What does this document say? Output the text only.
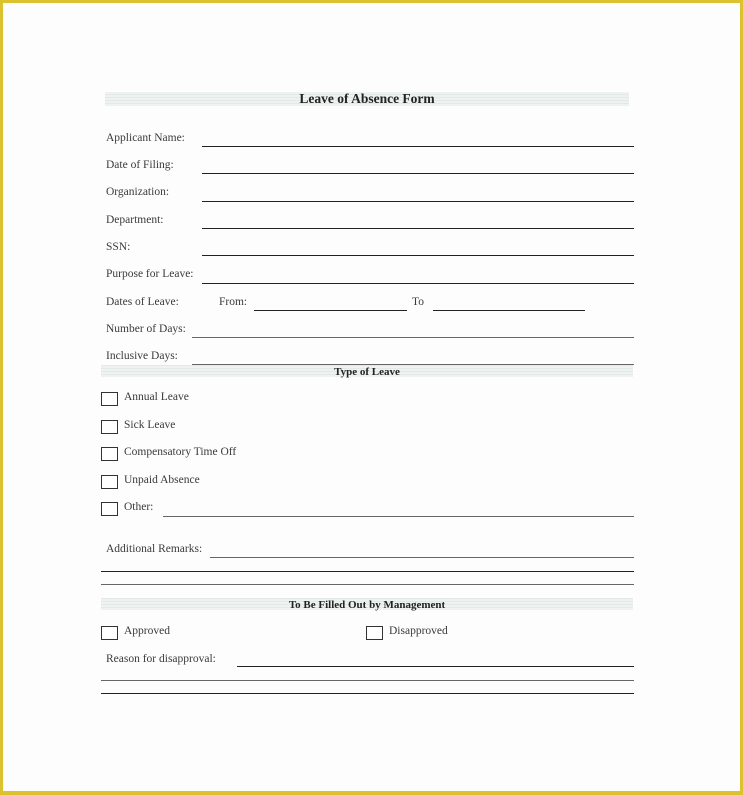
Leave of Absence Form
Applicant Name:
Date of Filing:
Organization:
Department:
SSN:
Purpose for Leave:
Dates of Leave:	From:	To
Number of Days:
Inclusive Days:
Type of Leave
Annual Leave
Sick Leave
Compensatory Time Off
Unpaid Absence
Other:
Additional Remarks:
To Be Filled Out by Management
Approved	Disapproved
Reason for disapproval:
